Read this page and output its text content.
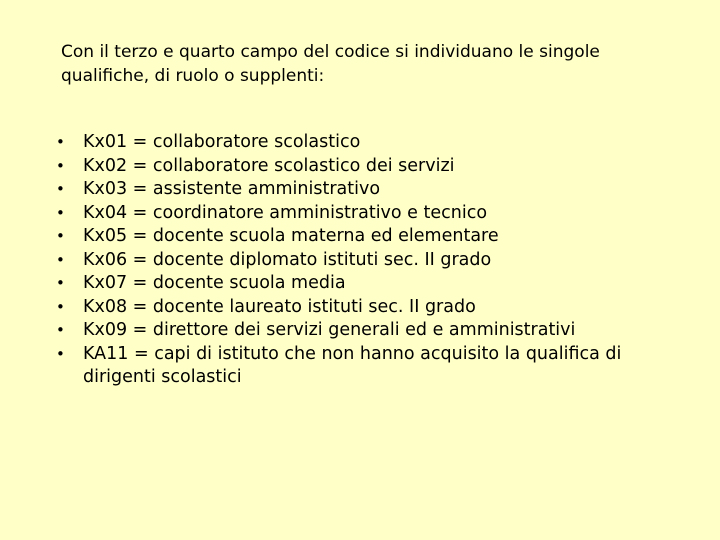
Con il terzo e quarto campo del codice si individuano le singole qualifiche, di ruolo o supplenti:

•	Kx01 = collaboratore scolastico
•	Kx02 = collaboratore scolastico dei servizi
•	Kx03 = assistente amministrativo
•	Kx04 = coordinatore amministrativo e tecnico
•	Kx05 = docente scuola materna ed elementare
•	Kx06 = docente diplomato istituti sec. II grado
•	Kx07 = docente scuola media
•	Kx08 = docente laureato istituti sec. II grado
•	Kx09 = direttore dei servizi generali ed e amministrativi
•	KA11 = capi di istituto che non hanno acquisito la qualifica di dirigenti scolastici
